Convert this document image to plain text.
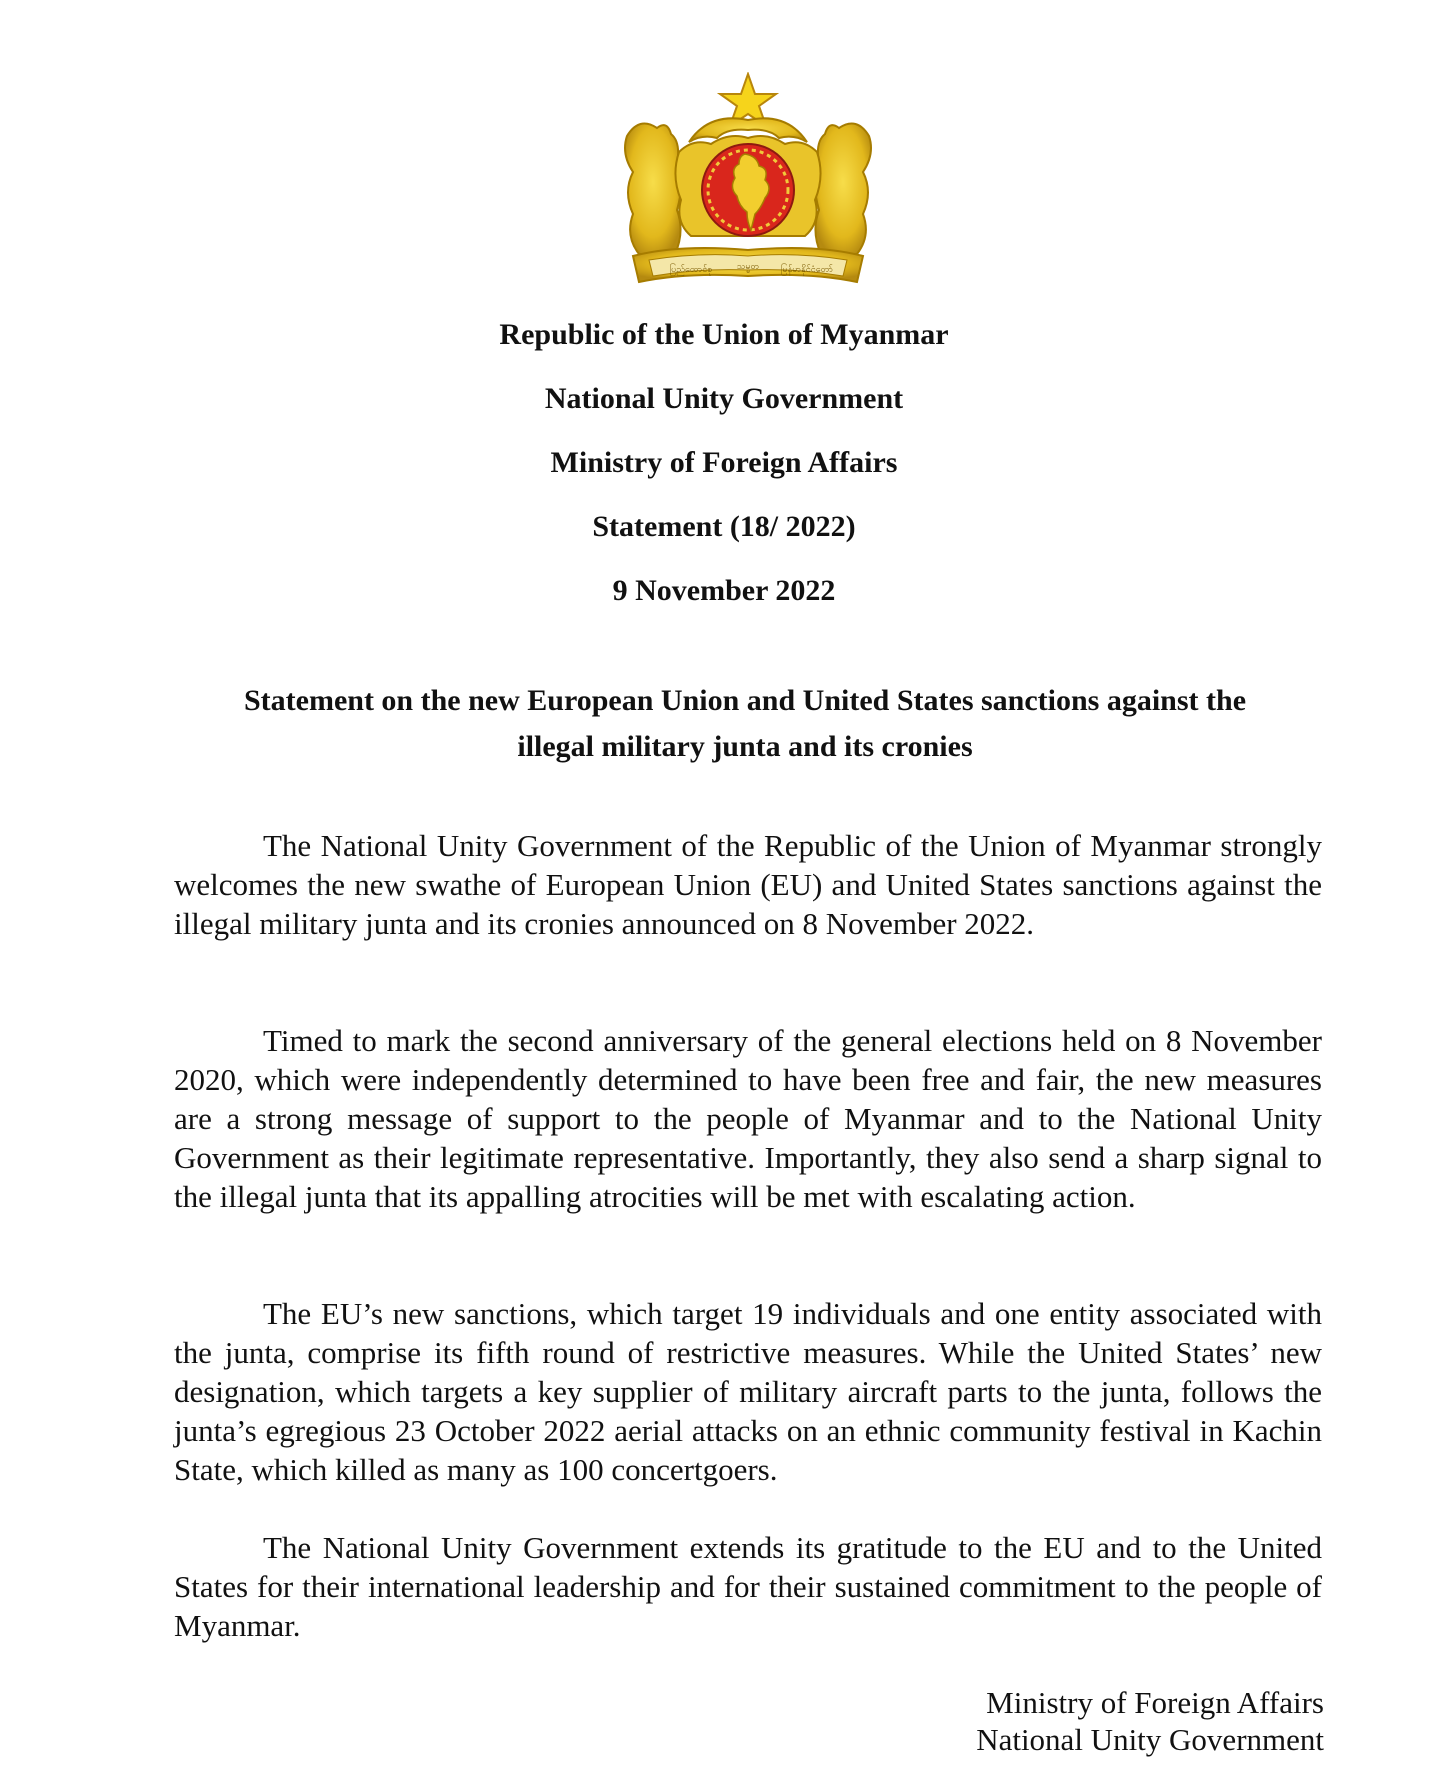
ပြည်ထောင်စု	သမ္မတ မြန်မာနိုင်ငံတော်
Republic of the Union of Myanmar
National Unity Government
Ministry of Foreign Affairs
Statement (18/ 2022)
9 November 2022
Statement on the new European Union and United States sanctions against the
illegal military junta and its cronies

The National Unity Government of the Republic of the Union of Myanmar strongly welcomes the new swathe of European Union (EU) and United States sanctions against the illegal military junta and its cronies announced on 8 November 2022.

Timed to mark the second anniversary of the general elections held on 8 November 2020, which were independently determined to have been free and fair, the new measures are a strong message of support to the people of Myanmar and to the National Unity Government as their legitimate representative. Importantly, they also send a sharp signal to the illegal junta that its appalling atrocities will be met with escalating action.

The EU’s new sanctions, which target 19 individuals and one entity associated with the junta, comprise its fifth round of restrictive measures. While the United States’ new designation, which targets a key supplier of military aircraft parts to the junta, follows the junta’s egregious 23 October 2022 aerial attacks on an ethnic community festival in Kachin State, which killed as many as 100 concertgoers.

The National Unity Government extends its gratitude to the EU and to the United States for their international leadership and for their sustained commitment to the people of Myanmar.

Ministry of Foreign Affairs
National Unity Government
